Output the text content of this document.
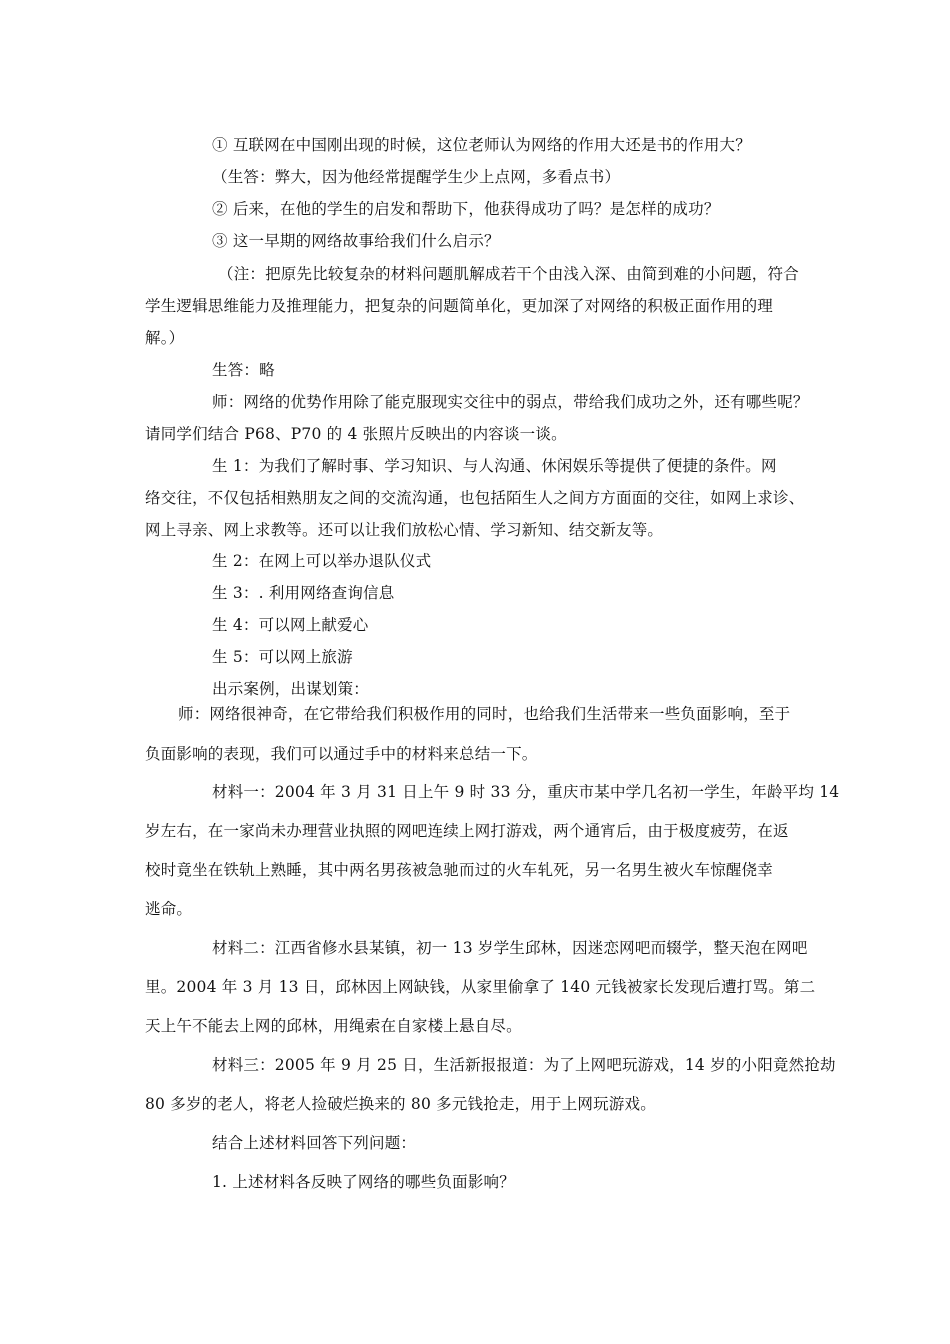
① 互联网在中国刚出现的时候，这位老师认为网络的作用大还是书的作用大？
（生答：弊大，因为他经常提醒学生少上点网，多看点书）
② 后来，在他的学生的启发和帮助下，他获得成功了吗？是怎样的成功？
③ 这一早期的网络故事给我们什么启示？
（注：把原先比较复杂的材料问题肌解成若干个由浅入深、由简到难的小问题，符合
学生逻辑思维能力及推理能力，把复杂的问题简单化，更加深了对网络的积极正面作用的理
解。）
生答：略
师：网络的优势作用除了能克服现实交往中的弱点，带给我们成功之外，还有哪些呢？
请同学们结合 P68、P70 的 4 张照片反映出的内容谈一谈。
生 1：为我们了解时事、学习知识、与人沟通、休闲娱乐等提供了便捷的条件。网
络交往，不仅包括相熟朋友之间的交流沟通，也包括陌生人之间方方面面的交往，如网上求诊、
网上寻亲、网上求教等。还可以让我们放松心情、学习新知、结交新友等。
生 2：在网上可以举办退队仪式
生 3：. 利用网络查询信息
生 4：可以网上献爱心
生 5：可以网上旅游
出示案例，出谋划策：
师：网络很神奇，在它带给我们积极作用的同时，也给我们生活带来一些负面影响，至于
负面影响的表现，我们可以通过手中的材料来总结一下。
材料一：2004 年 3 月 31 日上午 9 时 33 分，重庆市某中学几名初一学生，年龄平均 14
岁左右，在一家尚未办理营业执照的网吧连续上网打游戏，两个通宵后，由于极度疲劳，在返
校时竟坐在铁轨上熟睡，其中两名男孩被急驰而过的火车轧死，另一名男生被火车惊醒侥幸
逃命。
材料二：江西省修水县某镇，初一 13 岁学生邱林，因迷恋网吧而辍学，整天泡在网吧
里。2004 年 3 月 13 日，邱林因上网缺钱，从家里偷拿了 140 元钱被家长发现后遭打骂。第二
天上午不能去上网的邱林，用绳索在自家楼上悬自尽。
材料三：2005 年 9 月 25 日，生活新报报道：为了上网吧玩游戏，14 岁的小阳竟然抢劫
80 多岁的老人，将老人捡破烂换来的 80 多元钱抢走，用于上网玩游戏。
结合上述材料回答下列问题：
1. 上述材料各反映了网络的哪些负面影响？
